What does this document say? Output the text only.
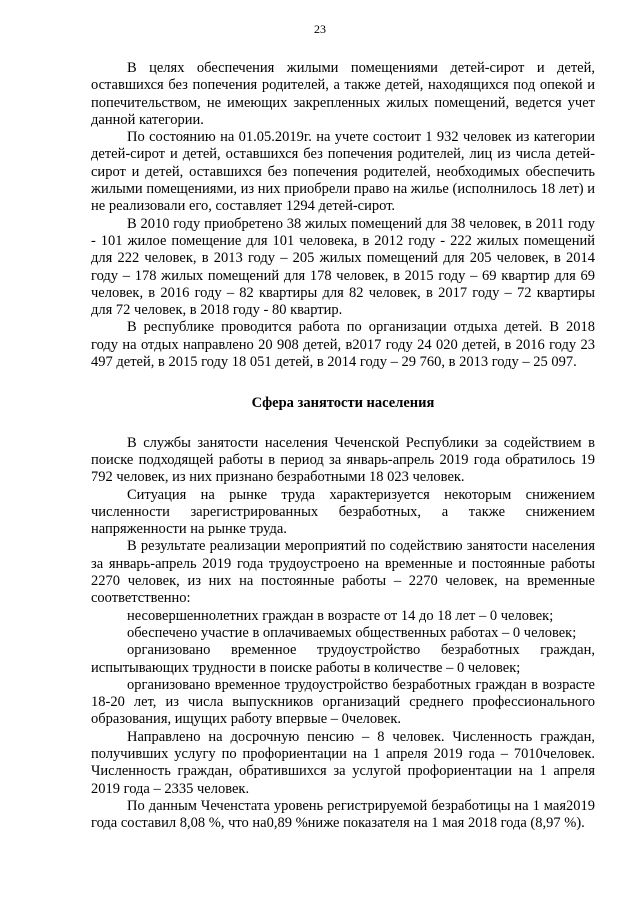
23

В целях обеспечения жилыми помещениями детей-сирот и детей, оставшихся без попечения родителей, а также детей, находящихся под опекой и попечительством, не имеющих закрепленных жилых помещений, ведется учет данной категории.

По состоянию на 01.05.2019г. на учете состоит 1 932 человек из категории детей-сирот и детей, оставшихся без попечения родителей, лиц из числа детей-сирот и детей, оставшихся без попечения родителей, необходимых обеспечить жилыми помещениями, из них приобрели право на жилье (исполнилось 18 лет) и не реализовали его, составляет 1294 детей-сирот.

В 2010 году приобретено 38 жилых помещений для 38 человек, в 2011 году - 101 жилое помещение для 101 человека, в 2012 году - 222 жилых помещений для 222 человек, в 2013 году – 205 жилых помещений для 205 человек, в 2014 году – 178 жилых помещений для 178 человек, в 2015 году – 69 квартир для 69 человек, в 2016 году – 82 квартиры для 82 человек, в 2017 году – 72 квартиры для 72 человек, в 2018 году - 80 квартир.

В республике проводится работа по организации отдыха детей. В 2018 году на отдых направлено 20 908 детей, в2017 году 24 020 детей, в 2016 году 23 497 детей, в 2015 году 18 051 детей, в 2014 году – 29 760, в 2013 году – 25 097.

Сфера занятости населения

В службы занятости населения Чеченской Республики за содействием в поиске подходящей работы в период за январь-апрель 2019 года обратилось 19 792 человек, из них признано безработными 18 023 человек.

Ситуация на рынке труда характеризуется некоторым снижением численности зарегистрированных безработных, а также снижением напряженности на рынке труда.

В результате реализации мероприятий по содействию занятости населения за январь-апрель 2019 года трудоустроено на временные и постоянные работы 2270 человек, из них на постоянные работы – 2270 человек, на временные соответственно:

несовершеннолетних граждан в возрасте от 14 до 18 лет – 0 человек;

обеспечено участие в оплачиваемых общественных работах – 0 человек;

организовано временное трудоустройство безработных граждан, испытывающих трудности в поиске работы в количестве – 0 человек;

организовано временное трудоустройство безработных граждан в возрасте 18-20 лет, из числа выпускников организаций среднего профессионального образования, ищущих работу впервые – 0человек.

Направлено на досрочную пенсию – 8 человек. Численность граждан, получивших услугу по профориентации на 1 апреля 2019 года – 7010человек. Численность граждан, обратившихся за услугой профориентации на 1 апреля 2019 года – 2335 человек.

По данным Чеченстата уровень регистрируемой безработицы на 1 мая2019 года составил 8,08 %, что на0,89 %ниже показателя на 1 мая 2018 года (8,97 %).
